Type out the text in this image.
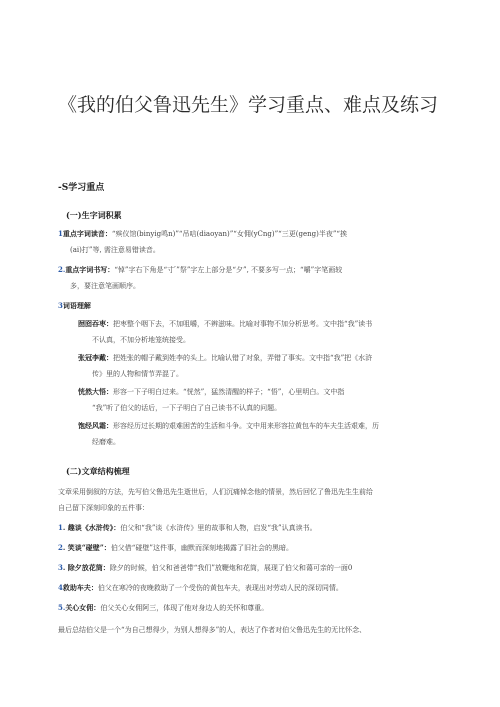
《我的伯父鲁迅先生》学习重点、难点及练习
-S学习重点
(一)生字词积累
1重点字词读音：“殡仪馆(binyig鸣n)”“吊唁(diaoyan)”“女佣(yCng)”“三更(geng)半夜”“挨
(ai)打”等, 需注意易错读音。
2.重点字词书写：“悼”字右下角是“寸 ́”祭”字左上部分是“夕”, 不要多写一点；“嚼”字笔画较
多，要注意笔画顺序。
3词语理解
囫囵吞枣：把枣整个咽下去，不加咀嚼，不辨滋味。比喻对事物不加分析思考。文中指“我”读书
不认真，不加分析地笼统接受。
张冠李戴：把姓张的帽子戴到姓李的头上。比喻认错了对象，弄错了事实。文中指“我”把《水浒
传》里的人物和情节弄混了。
恍然大悟：形容一下子明白过来。“恍然”，猛然清醒的样子；“悟”，心里明白。文中指
“我”听了伯父的话后，一下子明白了自己读书不认真的问题。
饱经风霜：形容经历过长期的艰难困苦的生活和斗争。文中用来形容拉黄包车的车夫生活艰难，历
经磨难。
(二)文章结构梳理
文章采用倒叙的方法，先写伯父鲁迅先生逝世后，人们沉痛悼念他的情景，然后回忆了鲁迅先生生前给
自己留下深刻印象的五件事：
1. 趣谈《水浒传》：伯父和“我”谈《水浒传》里的故事和人物，启发“我”认真读书。
2. 笑谈“碰壁”：伯父借“碰壁”这件事，幽默而深刻地揭露了旧社会的黑暗。
3. 除夕放花筒：除夕的时候，伯父和爸爸带“我们”放鞭炮和花筒，展现了伯父和蔼可亲的一面0
4救助车夫：伯父在寒冷的夜晚救助了一个受伤的黄包车夫，表现出对劳动人民的深切同情。
5.关心女佣：伯父关心女佣阿三，体现了他对身边人的关怀和尊重。
最后总结伯父是一个“为自己想得少，为别人想得多”的人，表达了作者对伯父鲁迅先生的无比怀念、
